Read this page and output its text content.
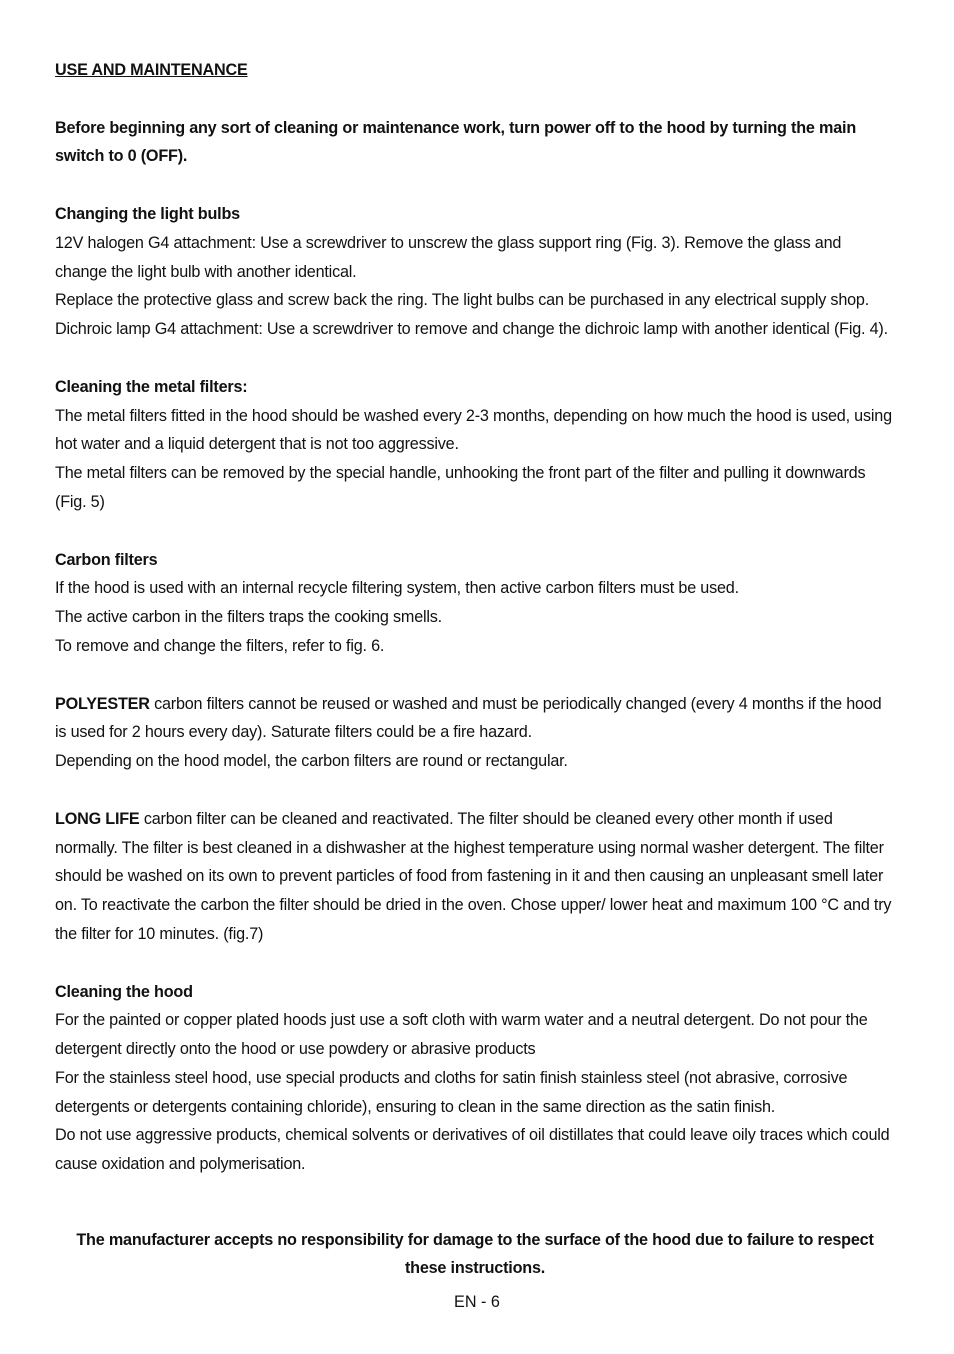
USE AND MAINTENANCE

Before beginning any sort of cleaning or maintenance work, turn power off to the hood by turning the main switch to 0 (OFF).

Changing the light bulbs

12V halogen G4 attachment: Use a screwdriver to unscrew the glass support ring (Fig. 3). Remove the glass and change the light bulb with another identical.

Replace the protective glass and screw back the ring. The light bulbs can be purchased in any electrical supply shop.

Dichroic lamp G4 attachment: Use a screwdriver to remove and change the dichroic lamp with another identical (Fig. 4).

Cleaning the metal filters:

The metal filters fitted in the hood should be washed every 2-3 months, depending on how much the hood is used, using hot water and a liquid detergent that is not too aggressive.

The metal filters can be removed by the special handle, unhooking the front part of the filter and pulling it downwards (Fig. 5)

Carbon filters

If the hood is used with an internal recycle filtering system, then active carbon filters must be used.

The active carbon in the filters traps the cooking smells.

To remove and change the filters, refer to fig. 6.

POLYESTER carbon filters cannot be reused or washed and must be periodically changed (every 4 months if the hood is used for 2 hours every day). Saturate filters could be a fire hazard.

Depending on the hood model, the carbon filters are round or rectangular.

LONG LIFE carbon filter can be cleaned and reactivated. The filter should be cleaned every other month if used normally. The filter is best cleaned in a dishwasher at the highest temperature using normal washer detergent. The filter should be washed on its own to prevent particles of food from fastening in it and then causing an unpleasant smell later on. To reactivate the carbon the filter should be dried in the oven. Chose upper/ lower heat and maximum 100 °C and try the filter for 10 minutes. (fig.7)

Cleaning the hood

For the painted or copper plated hoods just use a soft cloth with warm water and a neutral detergent. Do not pour the detergent directly onto the hood or use powdery or abrasive products

For the stainless steel hood, use special products and cloths for satin finish stainless steel (not abrasive, corrosive detergents or detergents containing chloride), ensuring to clean in the same direction as the satin finish.

Do not use aggressive products, chemical solvents or derivatives of oil distillates that could leave oily traces which could cause oxidation and polymerisation.

The manufacturer accepts no responsibility for damage to the surface of the hood due to failure to respect these instructions.

EN - 6
